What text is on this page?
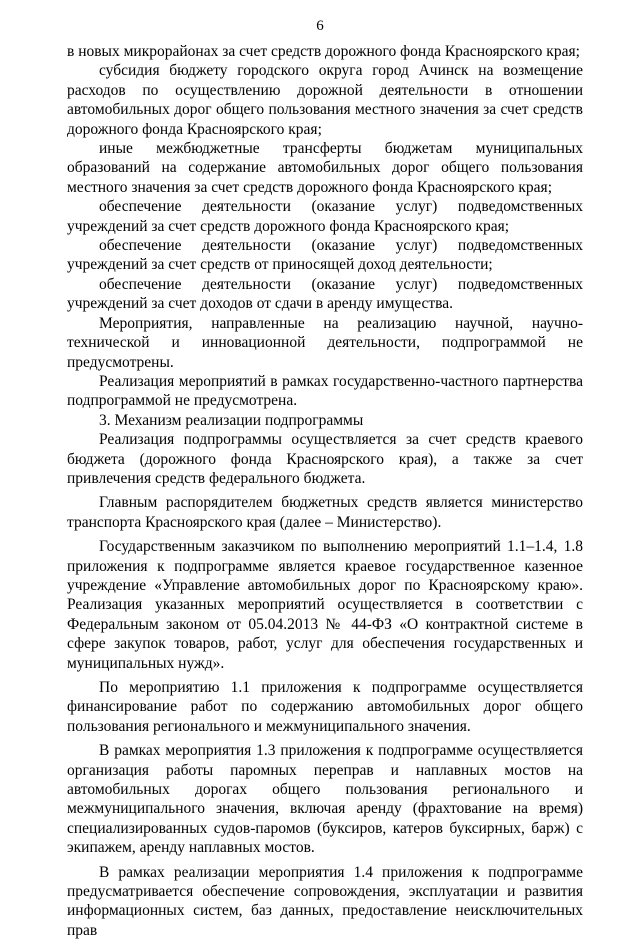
6

в новых микрорайонах за счет средств дорожного фонда Красноярского края;

субсидия бюджету городского округа город Ачинск на возмещение расходов по осуществлению дорожной деятельности в отношении автомобильных дорог общего пользования местного значения за счет средств дорожного фонда Красноярского края;

иные межбюджетные трансферты бюджетам муниципальных образований на содержание автомобильных дорог общего пользования местного значения за счет средств дорожного фонда Красноярского края;

обеспечение деятельности (оказание услуг) подведомственных учреждений за счет средств дорожного фонда Красноярского края;

обеспечение деятельности (оказание услуг) подведомственных учреждений за счет средств от приносящей доход деятельности;

обеспечение деятельности (оказание услуг) подведомственных учреждений за счет доходов от сдачи в аренду имущества.

Мероприятия, направленные на реализацию научной, научно-технической и инновационной деятельности, подпрограммой не предусмотрены.

Реализация мероприятий в рамках государственно-частного партнерства подпрограммой не предусмотрена.

3. Механизм реализации подпрограммы

Реализация подпрограммы осуществляется за счет средств краевого бюджета (дорожного фонда Красноярского края), а также за счет привлечения средств федерального бюджета.

Главным распорядителем бюджетных средств является министерство транспорта Красноярского края (далее – Министерство).

Государственным заказчиком по выполнению мероприятий 1.1–1.4, 1.8 приложения к подпрограмме является краевое государственное казенное учреждение «Управление автомобильных дорог по Красноярскому краю». Реализация указанных мероприятий осуществляется в соответствии с Федеральным законом от 05.04.2013 № 44-ФЗ «О контрактной системе в сфере закупок товаров, работ, услуг для обеспечения государственных и муниципальных нужд».

По мероприятию 1.1 приложения к подпрограмме осуществляется финансирование работ по содержанию автомобильных дорог общего пользования регионального и межмуниципального значения.

В рамках мероприятия 1.3 приложения к подпрограмме осуществляется организация работы паромных переправ и наплавных мостов на автомобильных дорогах общего пользования регионального и межмуниципального значения, включая аренду (фрахтование на время) специализированных судов-паромов (буксиров, катеров буксирных, барж) с экипажем, аренду наплавных мостов.

В рамках реализации мероприятия 1.4 приложения к подпрограмме предусматривается обеспечение сопровождения, эксплуатации и развития информационных систем, баз данных, предоставление неисключительных прав
